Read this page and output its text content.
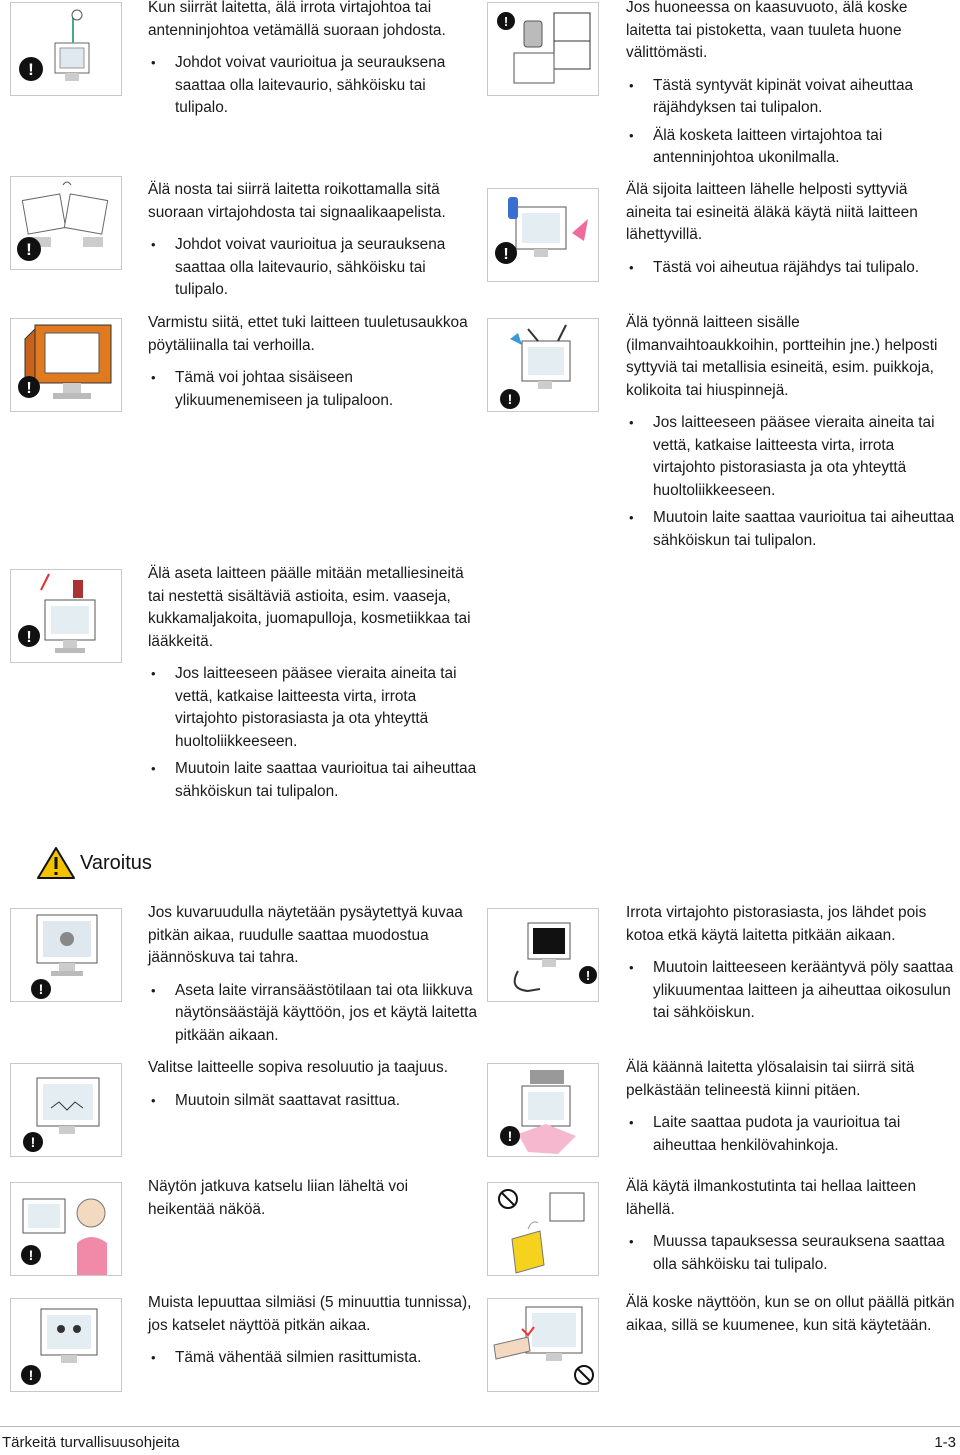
!

Kun siirrät laitetta, älä irrota virtajohtoa tai antenninjohtoa vetämällä suoraan johdosta.

• Johdot voivat vaurioitua ja seurauksena saattaa olla laitevaurio, sähköisku tai tulipalo.
!

Älä nosta tai siirrä laitetta roikottamalla sitä suoraan virtajohdosta tai signaalikaapelista.

• Johdot voivat vaurioitua ja seurauksena saattaa olla laitevaurio, sähköisku tai tulipalo.
!

Varmistu siitä, ettet tuki laitteen tuuletusaukkoa pöytäliinalla tai verhoilla.

• Tämä voi johtaa sisäiseen ylikuumenemiseen ja tulipaloon.
!

Älä aseta laitteen päälle mitään metalliesineitä tai nestettä sisältäviä astioita, esim. vaaseja, kukkamaljakoita, juomapulloja, kosmetiikkaa tai lääkkeitä.

• Jos laitteeseen pääsee vieraita aineita tai vettä, katkaise laitteesta virta, irrota virtajohto pistorasiasta ja ota yhteyttä huoltoliikkeeseen.
• Muutoin laite saattaa vaurioitua tai aiheuttaa sähköiskun tai tulipalon.
!

Jos huoneessa on kaasuvuoto, älä koske laitetta tai pistoketta, vaan tuuleta huone välittömästi.

• Tästä syntyvät kipinät voivat aiheuttaa räjähdyksen tai tulipalon.
• Älä kosketa laitteen virtajohtoa tai antenninjohtoa ukonilmalla.
!

Älä sijoita laitteen lähelle helposti syttyviä aineita tai esineitä äläkä käytä niitä laitteen lähettyvillä.

• Tästä voi aiheutua räjähdys tai tulipalo.
!

Älä työnnä laitteen sisälle (ilmanvaihtoaukkoihin, portteihin jne.) helposti syttyviä tai metallisia esineitä, esim. puikkoja, kolikoita tai hiuspinnejä.

• Jos laitteeseen pääsee vieraita aineita tai vettä, katkaise laitteesta virta, irrota virtajohto pistorasiasta ja ota yhteyttä huoltoliikkeeseen.
• Muutoin laite saattaa vaurioitua tai aiheuttaa sähköiskun tai tulipalon.
Varoitus
!

Jos kuvaruudulla näytetään pysäytettyä kuvaa pitkän aikaa, ruudulle saattaa muodostua jäännöskuva tai tahra.

• Aseta laite virransäästötilaan tai ota liikkuva näytönsäästäjä käyttöön, jos et käytä laitetta pitkään aikaan.
!

Valitse laitteelle sopiva resoluutio ja taajuus.

• Muutoin silmät saattavat rasittua.
!

Näytön jatkuva katselu liian läheltä voi heikentää näköä.

!

Muista lepuuttaa silmiäsi (5 minuuttia tunnissa), jos katselet näyttöä pitkän aikaa.

• Tämä vähentää silmien rasittumista.
!

Irrota virtajohto pistorasiasta, jos lähdet pois kotoa etkä käytä laitetta pitkään aikaan.

• Muutoin laitteeseen kerääntyvä pöly saattaa ylikuumentaa laitteen ja aiheuttaa oikosulun tai sähköiskun.
!

Älä käännä laitetta ylösalaisin tai siirrä sitä pelkästään telineestä kiinni pitäen.

• Laite saattaa pudota ja vaurioitua tai aiheuttaa henkilövahinkoja.

Älä käytä ilmankostutinta tai hellaa laitteen lähellä.

• Muussa tapauksessa seurauksena saattaa olla sähköisku tai tulipalo.

Älä koske näyttöön, kun se on ollut päällä pitkän aikaa, sillä se kuumenee, kun sitä käytetään.

Tärkeitä turvallisuusohjeita	1-3
